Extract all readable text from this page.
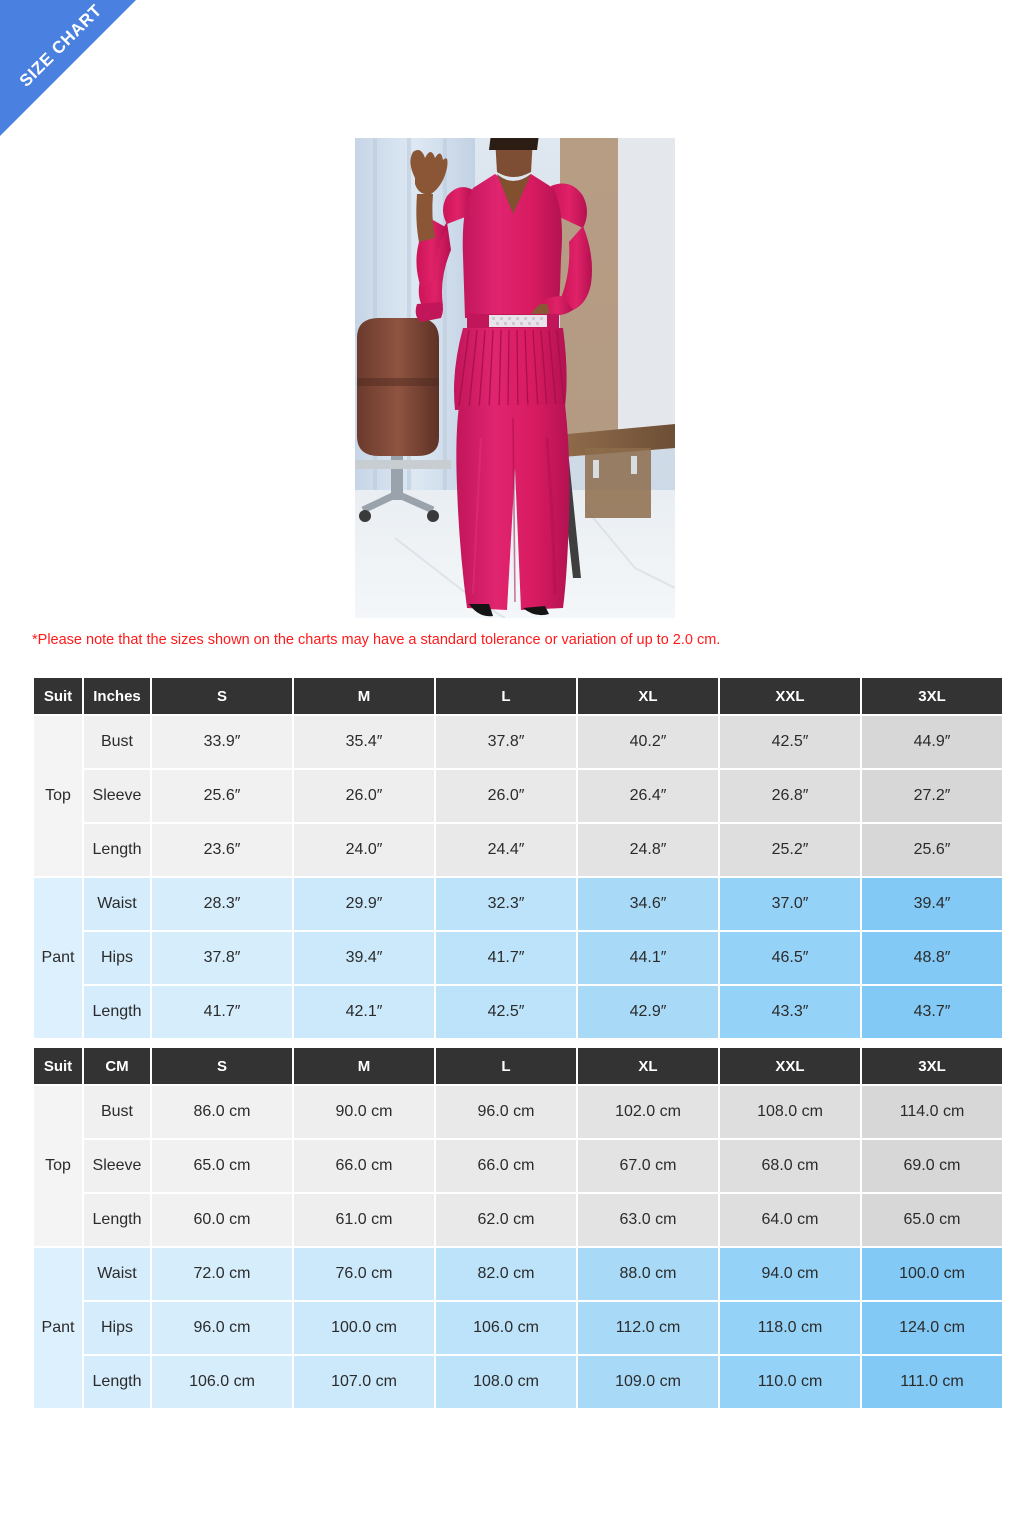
SIZE CHART
*Please note that the sizes shown on the charts may have a standard tolerance or variation of up to 2.0 cm.
Suit	Inches	S	M	L	XL	XXL	3XL
Top	Bust	33.9″	35.4″	37.8″	40.2″	42.5″	44.9″
	Sleeve	25.6″	26.0″	26.0″	26.4″	26.8″	27.2″
	Length	23.6″	24.0″	24.4″	24.8″	25.2″	25.6″
Pant	Waist	28.3″	29.9″	32.3″	34.6″	37.0″	39.4″
	Hips	37.8″	39.4″	41.7″	44.1″	46.5″	48.8″
	Length	41.7″	42.1″	42.5″	42.9″	43.3″	43.7″
Suit	CM	S	M	L	XL	XXL	3XL
Top	Bust	86.0 cm	90.0 cm	96.0 cm	102.0 cm	108.0 cm	114.0 cm
	Sleeve	65.0 cm	66.0 cm	66.0 cm	67.0 cm	68.0 cm	69.0 cm
	Length	60.0 cm	61.0 cm	62.0 cm	63.0 cm	64.0 cm	65.0 cm
Pant	Waist	72.0 cm	76.0 cm	82.0 cm	88.0 cm	94.0 cm	100.0 cm
	Hips	96.0 cm	100.0 cm	106.0 cm	112.0 cm	118.0 cm	124.0 cm
	Length	106.0 cm	107.0 cm	108.0 cm	109.0 cm	110.0 cm	111.0 cm
